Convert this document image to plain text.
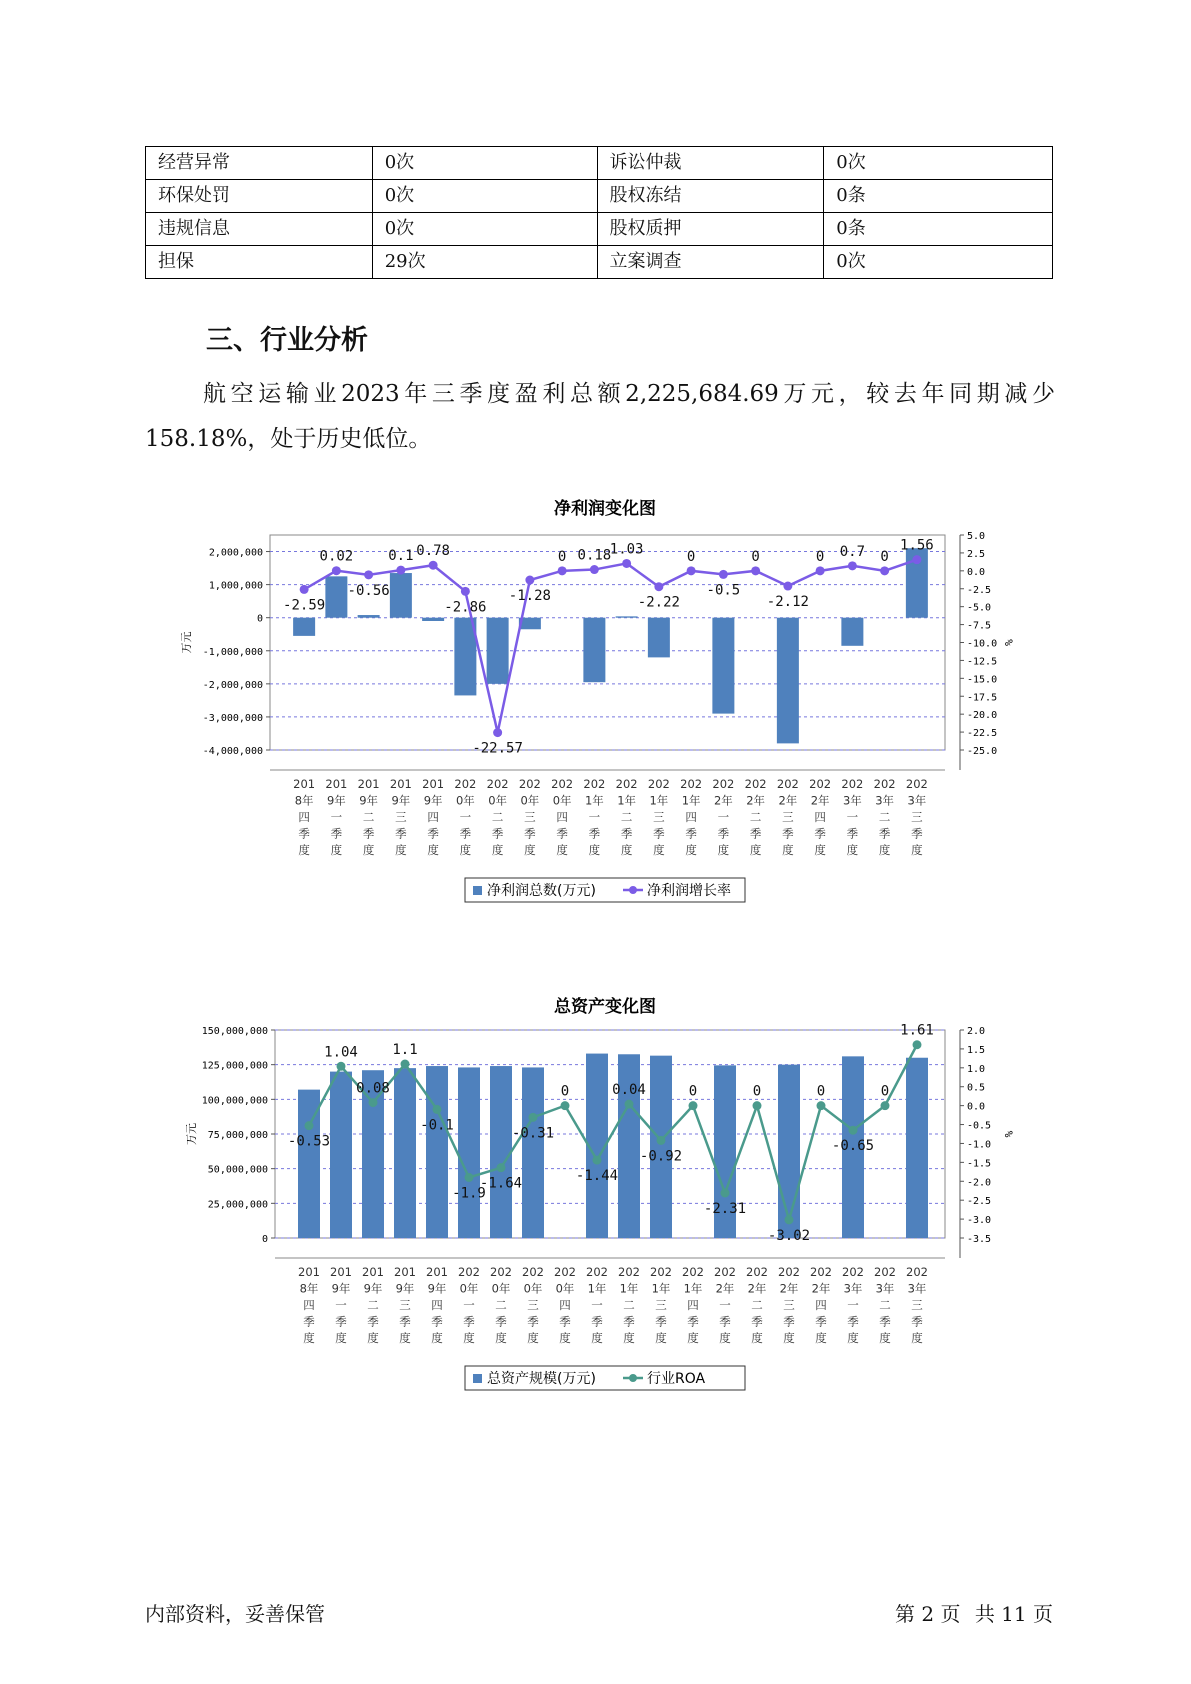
经营异常	0次	诉讼仲裁	0次
环保处罚	0次	股权冻结	0条
违规信息	0次	股权质押	0条
担保	29次	立案调查	0次
三、行业分析

航空运输业2023年三季度盈利总额2,225,684.69万元，较去年同期减少158.18%，处于历史低位。

净利润变化图
2,000,000
1,000,000
0
-1,000,000
-2,000,000
-3,000,000
-4,000,000
5.0
2.5
0.0
-2.5
-5.0
-7.5
-10.0
-12.5
-15.0
-17.5
-20.0
-22.5
-25.0
万元	%
-2.59
0.02
-0.56
0.1 0.78
-2.86
-22.57
-1.28
0 0.18
1.03
-2.22
0
-0.5
0
-2.12
0 0.7 0
1.56
201 8年四季度
201 9年一季度
201 9年二季度
201 9年三季度
201 9年四季度
202 0年一季度
202 0年二季度
202 0年三季度
202 0年四季度
202 1年一季度
202 1年二季度
202 1年三季度
202 1年四季度
202 2年一季度
202 2年二季度
202 2年三季度
202 2年四季度
202 3年一季度
202 3年二季度
202 3年三季度
净利润总数(万元)	净利润增长率
总资产变化图
150,000,000
125,000,000
100,000,000
75,000,000
50,000,000
25,000,000
0
2.0
1.5
1.0
0.5
0.0
-0.5
-1.0
-1.5
-2.0
-2.5
-3.0
-3.5
万元	%
-0.53
1.04
0.08
1.1
-0.1
-1.9
-1.64
-0.31
0
-1.44
0.04
-0.92
0
-2.31
0
-3.02
0
-0.65
0
1.61
201 8年四季度
201 9年一季度
201 9年二季度
201 9年三季度
201 9年四季度
202 0年一季度
202 0年二季度
202 0年三季度
202 0年四季度
202 1年一季度
202 1年二季度
202 1年三季度
202 1年四季度
202 2年一季度
202 2年二季度
202 2年三季度
202 2年四季度
202 3年一季度
202 3年二季度
202 3年三季度
总资产规模(万元)	行业ROA
内部资料，妥善保管	第 2 页 共 11 页
